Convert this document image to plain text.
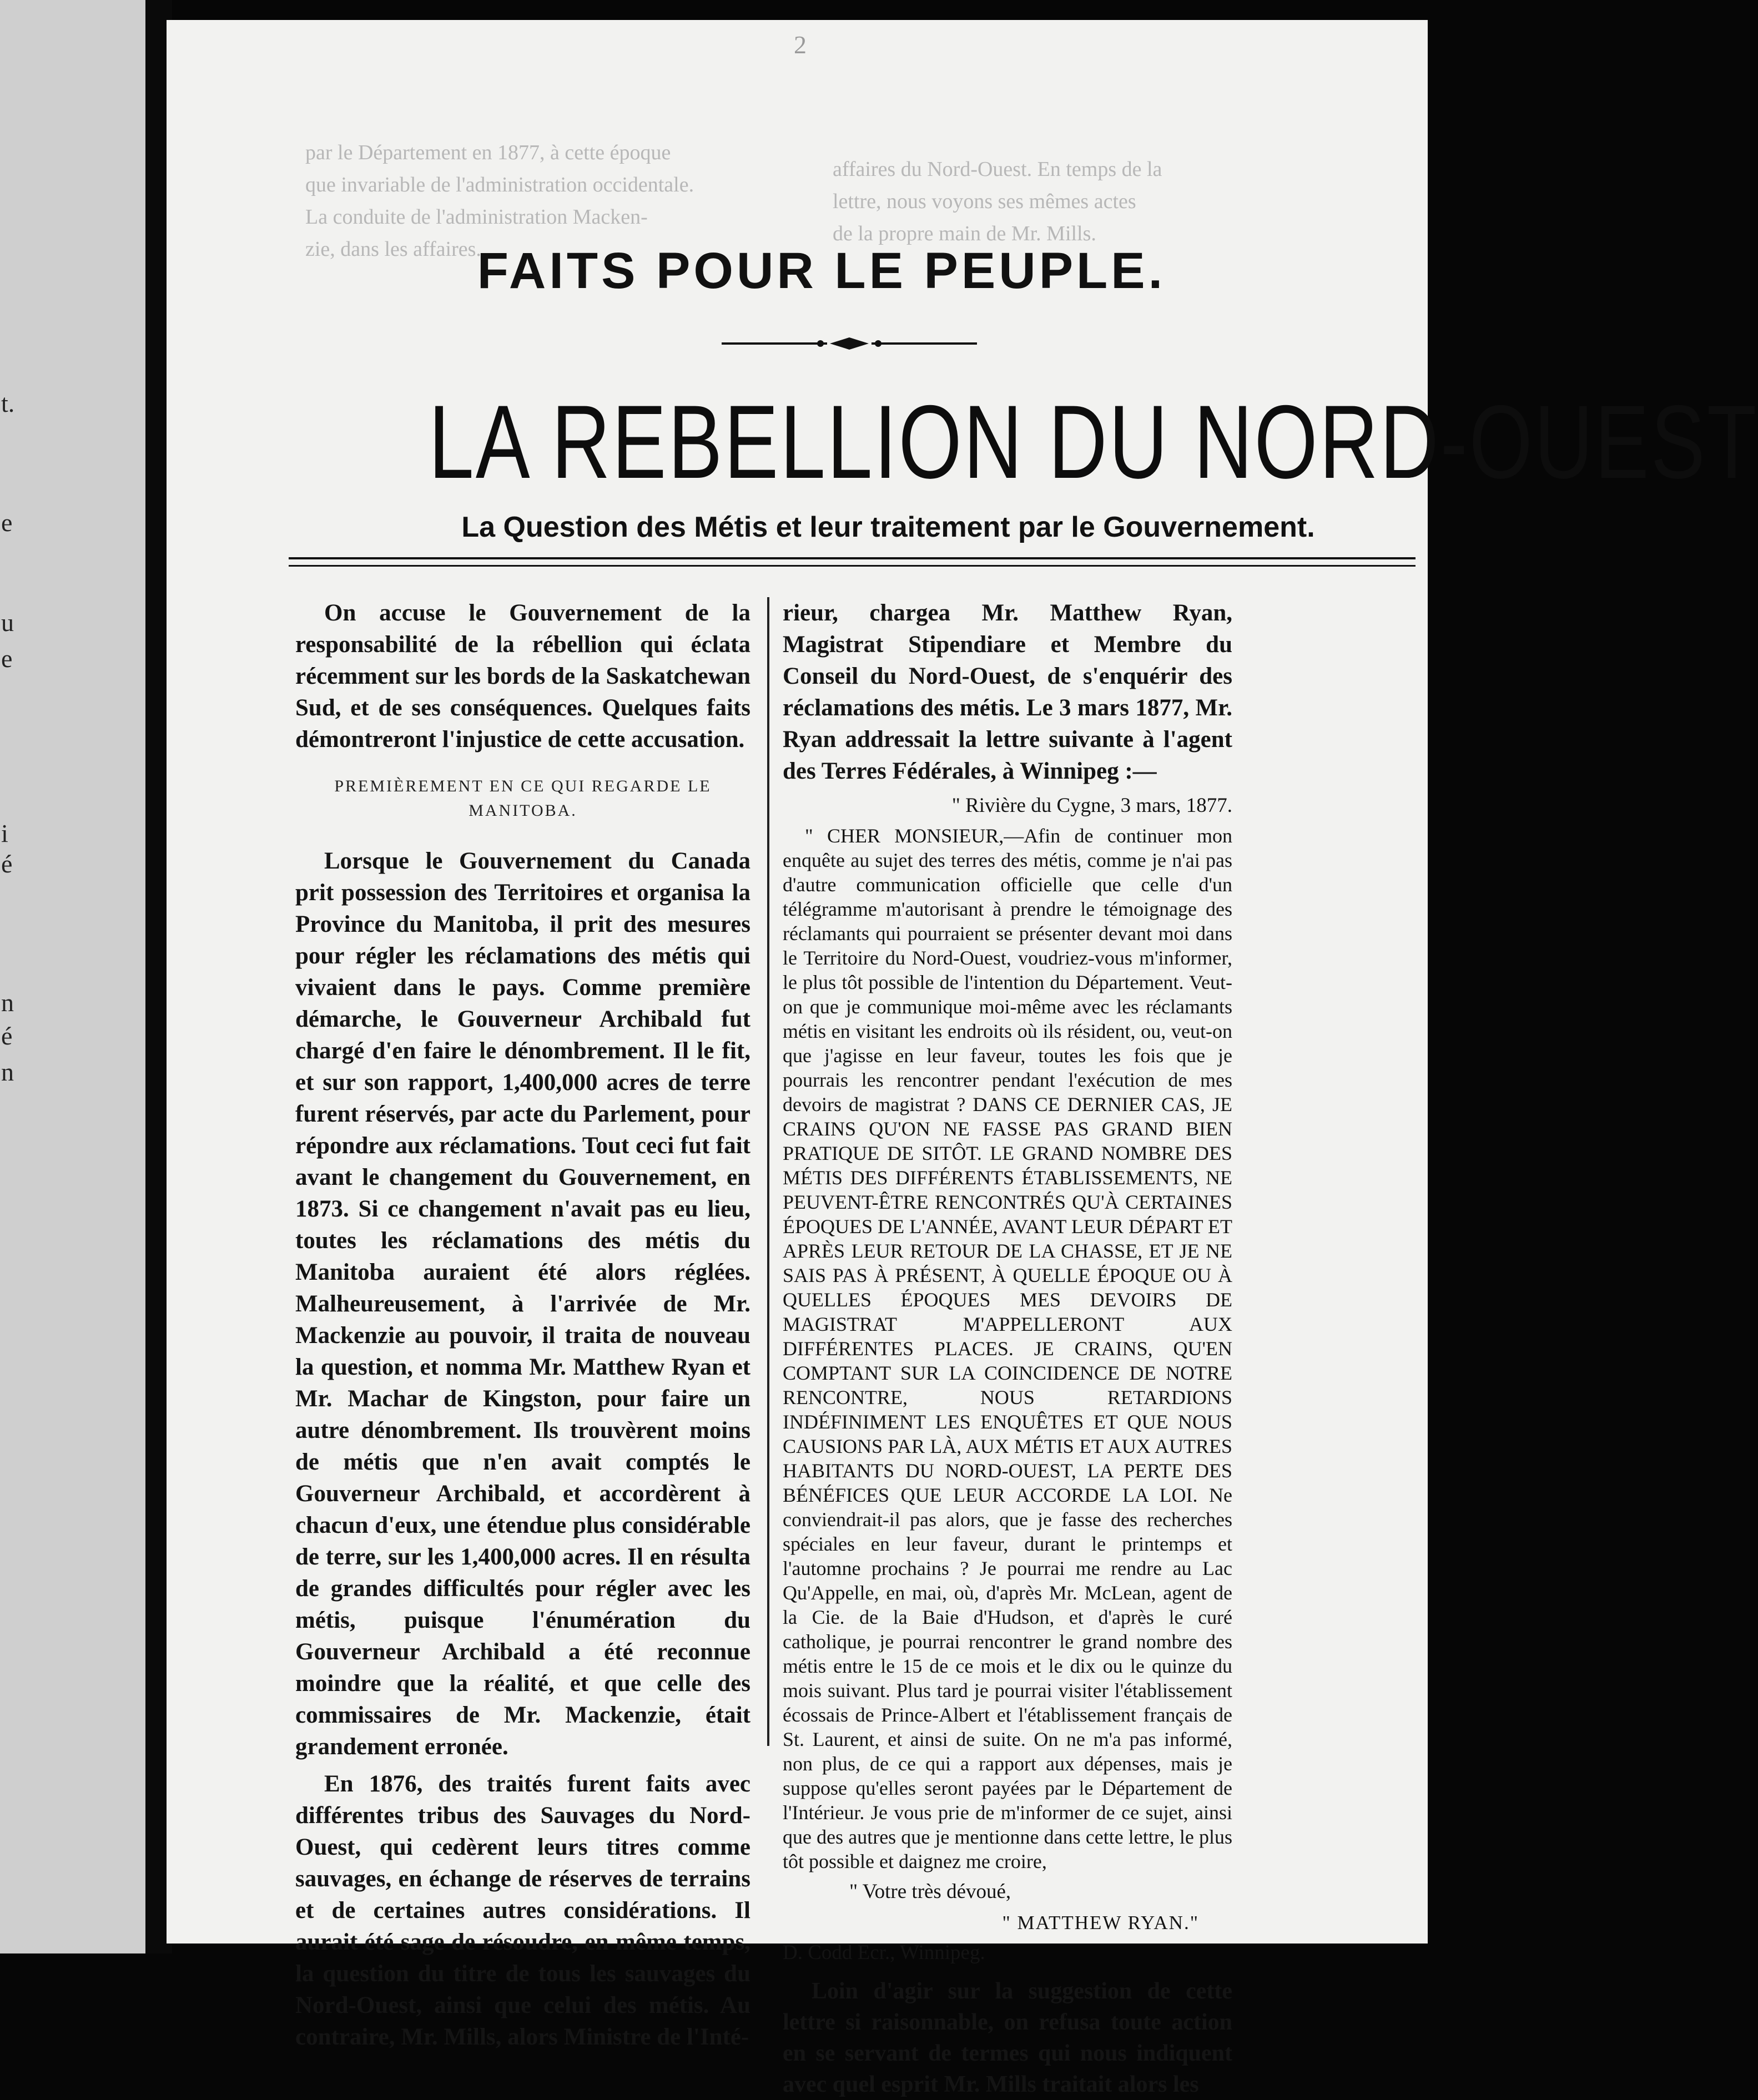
t.
e
u
e
i
é
n
é
n
2
par le Département en 1877, à cette époque
que invariable de l'administration occidentale.
La conduite de l'administration Macken-
zie, dans les affaires...
affaires du Nord-Ouest. En temps de la
lettre, nous voyons ses mêmes actes
de la propre main de Mr. Mills.
FAITS POUR LE PEUPLE.
LA REBELLION DU NORD-OUEST
La Question des Métis et leur traitement par le Gouvernement.

On accuse le Gouvernement de la responsabilité de la rébellion qui éclata récemment sur les bords de la Saskatchewan Sud, et de ses conséquences. Quelques faits démontreront l'injustice de cette accusation.

PREMIÈREMENT EN CE QUI REGARDE LE MANITOBA.

Lorsque le Gouvernement du Canada prit possession des Territoires et organisa la Province du Manitoba, il prit des mesures pour régler les réclamations des métis qui vivaient dans le pays. Comme première démarche, le Gouverneur Archibald fut chargé d'en faire le dénombrement. Il le fit, et sur son rapport, 1,400,000 acres de terre furent réservés, par acte du Parlement, pour répondre aux réclamations. Tout ceci fut fait avant le changement du Gouvernement, en 1873. Si ce changement n'avait pas eu lieu, toutes les réclamations des métis du Manitoba auraient été alors réglées. Malheureusement, à l'arrivée de Mr. Mackenzie au pouvoir, il traita de nouveau la question, et nomma Mr. Matthew Ryan et Mr. Machar de Kingston, pour faire un autre dénombrement. Ils trouvèrent moins de métis que n'en avait comptés le Gouverneur Archibald, et accordèrent à chacun d'eux, une étendue plus considérable de terre, sur les 1,400,000 acres. Il en résulta de grandes difficultés pour régler avec les métis, puisque l'énumération du Gouverneur Archibald a été reconnue moindre que la réalité, et que celle des commissaires de Mr. Mackenzie, était grandement erronée.

En 1876, des traités furent faits avec différentes tribus des Sauvages du Nord-Ouest, qui cedèrent leurs titres comme sauvages, en échange de réserves de terrains et de certaines autres considérations. Il aurait été sage de résoudre, en même temps, la question du titre de tous les sauvages du Nord-Ouest, ainsi que celui des métis. Au contraire, Mr. Mills, alors Ministre de l'Inté-

rieur, chargea Mr. Matthew Ryan, Magistrat Stipendiare et Membre du Conseil du Nord-Ouest, de s'enquérir des réclamations des métis. Le 3 mars 1877, Mr. Ryan addressait la lettre suivante à l'agent des Terres Fédérales, à Winnipeg :—

" Rivière du Cygne, 3 mars, 1877.

" CHER MONSIEUR,—Afin de continuer mon enquête au sujet des terres des métis, comme je n'ai pas d'autre communication officielle que celle d'un télégramme m'autorisant à prendre le témoignage des réclamants qui pourraient se présenter devant moi dans le Territoire du Nord-Ouest, voudriez-vous m'informer, le plus tôt possible de l'intention du Département. Veut-on que je communique moi-même avec les réclamants métis en visitant les endroits où ils résident, ou, veut-on que j'agisse en leur faveur, toutes les fois que je pourrais les rencontrer pendant l'exécution de mes devoirs de magistrat ? DANS CE DERNIER CAS, JE CRAINS QU'ON NE FASSE PAS GRAND BIEN PRATIQUE DE SITÔT. LE GRAND NOMBRE DES MÉTIS DES DIFFÉRENTS ÉTABLISSEMENTS, NE PEUVENT-ÊTRE RENCONTRÉS QU'À CERTAINES ÉPOQUES DE L'ANNÉE, AVANT LEUR DÉPART ET APRÈS LEUR RETOUR DE LA CHASSE, ET JE NE SAIS PAS À PRÉSENT, À QUELLE ÉPOQUE OU À QUELLES ÉPOQUES MES DEVOIRS DE MAGISTRAT M'APPELLERONT AUX DIFFÉRENTES PLACES. JE CRAINS, QU'EN COMPTANT SUR LA COINCIDENCE DE NOTRE RENCONTRE, NOUS RETARDIONS INDÉFINIMENT LES ENQUÊTES ET QUE NOUS CAUSIONS PAR LÀ, AUX MÉTIS ET AUX AUTRES HABITANTS DU NORD-OUEST, LA PERTE DES BÉNÉFICES QUE LEUR ACCORDE LA LOI. Ne conviendrait-il pas alors, que je fasse des recherches spéciales en leur faveur, durant le printemps et l'automne prochains ? Je pourrai me rendre au Lac Qu'Appelle, en mai, où, d'après Mr. McLean, agent de la Cie. de la Baie d'Hudson, et d'après le curé catholique, je pourrai rencontrer le grand nombre des métis entre le 15 de ce mois et le dix ou le quinze du mois suivant. Plus tard je pourrai visiter l'établissement écossais de Prince-Albert et l'établissement français de St. Laurent, et ainsi de suite. On ne m'a pas informé, non plus, de ce qui a rapport aux dépenses, mais je suppose qu'elles seront payées par le Département de l'Intérieur. Je vous prie de m'informer de ce sujet, ainsi que des autres que je mentionne dans cette lettre, le plus tôt possible et daignez me croire,

" Votre très dévoué,

" MATTHEW RYAN."

D. Codd Ecr., Winnipeg.

Loin d'agir sur la suggestion de cette lettre si raisonnable, on refusa toute action en se servant de termes qui nous indiquent avec quel esprit Mr. Mills traitait alors les
